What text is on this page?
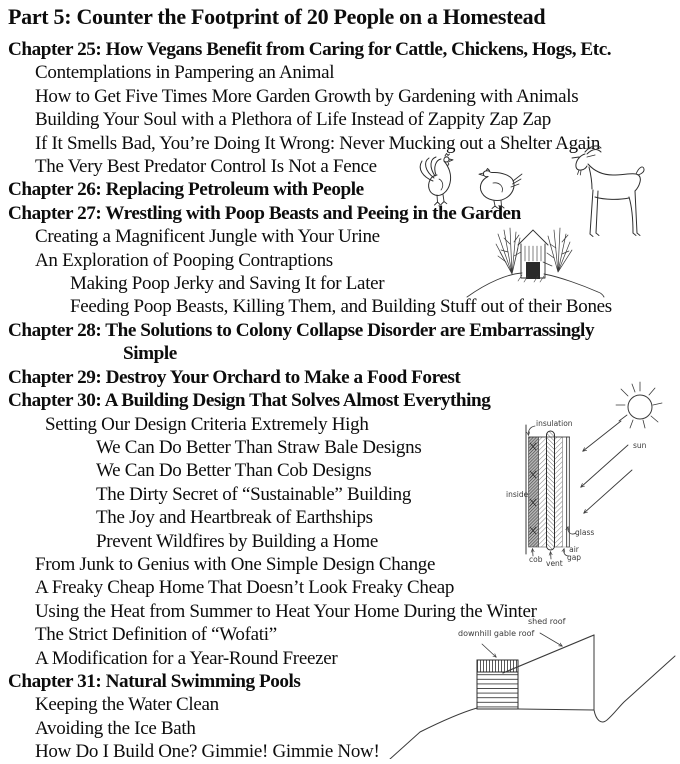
Part 5: Counter the Footprint of 20 People on a Homestead
Chapter 25: How Vegans Benefit from Caring for Cattle, Chickens, Hogs, Etc.
Contemplations in Pampering an Animal
How to Get Five Times More Garden Growth by Gardening with Animals
Building Your Soul with a Plethora of Life Instead of Zappity Zap Zap
If It Smells Bad, You’re Doing It Wrong: Never Mucking out a Shelter Again
The Very Best Predator Control Is Not a Fence
Chapter 26: Replacing Petroleum with People
Chapter 27: Wrestling with Poop Beasts and Peeing in the Garden
Creating a Magnificent Jungle with Your Urine
An Exploration of Pooping Contraptions
Making Poop Jerky and Saving It for Later
Feeding Poop Beasts, Killing Them, and Building Stuff out of their Bones
Chapter 28: The Solutions to Colony Collapse Disorder are Embarrassingly
Simple
Chapter 29: Destroy Your Orchard to Make a Food Forest
Chapter 30: A Building Design That Solves Almost Everything
Setting Our Design Criteria Extremely High
We Can Do Better Than Straw Bale Designs
We Can Do Better Than Cob Designs
The Dirty Secret of “Sustainable” Building
The Joy and Heartbreak of Earthships
Prevent Wildfires by Building a Home
From Junk to Genius with One Simple Design Change
A Freaky Cheap Home That Doesn’t Look Freaky Cheap
Using the Heat from Summer to Heat Your Home During the Winter
The Strict Definition of “Wofati”
A Modification for a Year-Round Freezer
Chapter 31: Natural Swimming Pools
Keeping the Water Clean
Avoiding the Ice Bath
How Do I Build One? Gimmie! Gimmie Now!
insulation
inside
glass
cob vent
air gap
sun
downhill gable roof
shed roof
